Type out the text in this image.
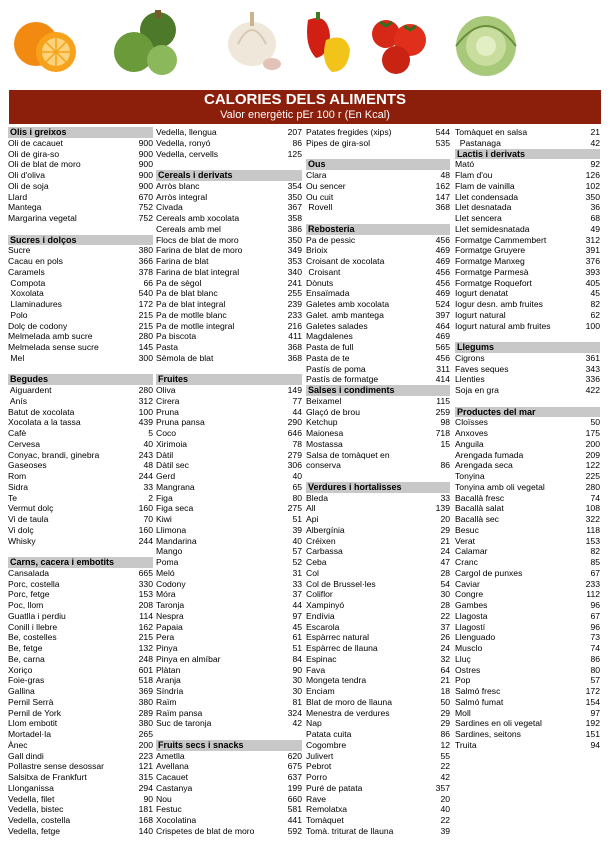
CALORIES DELS ALIMENTS
Valor energètic pEr 100 r (En Kcal)
Olis i greixos
Oli de cacauet	900
Oli de gira-so	900
Oli de blat de moro	900
Oli d'oliva	900
Oli de soja	900
Llard	670
Mantega	752
Margarina vegetal	752
Sucres i dolços
Sucre	380
Cacau en pols	366
Caramels	378
Compota	66
Xoxolata	540
Llaminadures	172
Polo	215
Dolç de codony	215
Melmelada amb sucre	280
Melmelada sense sucre	145
Mel	300
Begudes
Aiguardent	280
Anís	312
Batut de xocolata	100
Xocolata a la tassa	439
Cafè	5
Cervesa	40
Conyac, brandi, ginebra	243
Gaseoses	48
Rom	244
Sidra	33
Te	2
Vermut dolç	160
Vi de taula	70
Vi dolç	160
Whisky	244
Carns, cacera i embotits
Cansalada	665
Porc, costella	330
Porc, fetge	153
Poc, llom	208
Guatlla i perdiu	114
Conill i llebre	162
Be, costelles	215
Be, fetge	132
Be, carna	248
Xoriço	601
Foie-gras	518
Gallina	369
Pernil Serrà	380
Pernil de York	289
Llom embotit	380
Mortadel·la	265
Ànec	200
Gall dindi	223
Pollastre sense desossar	121
Salsitxa de Frankfurt	315
Llonganissa	294
Vedella, filet	90
Vedella, bistec	181
Vedella, costella	168
Vedella, fetge	140
Vedella, llengua	207
Vedella, ronyó	86
Vedella, cervells	125
Cereals i derivats
Arròs blanc	354
Arròs integral	350
Civada	367
Cereals amb xocolata	358
Cereals amb mel	386
Flocs de blat de moro	350
Farina de blat de moro	349
Farina de blat	353
Farina de blat integral	340
Pa de sègol	241
Pa de blat blanc	255
Pa de blat integral	239
Pa de motlle blanc	233
Pa de motlle integral	216
Pa biscota	411
Pasta	368
Sèmola de blat	368
Fruites
Oliva	149
Cirera	77
Pruna	44
Pruna pansa	290
Coco	646
Xirimoia	78
Dàtil	279
Dàtil sec	306
Gerd	40
Mangrana	65
Figa	80
Figa seca	275
Kiwi	51
Llimona	39
Mandarina	40
Mango	57
Poma	52
Meló	31
Codony	33
Móra	37
Taronja	44
Nespra	97
Papaia	45
Pera	61
Pinya	51
Pinya en almíbar	84
Plàtan	90
Aranja	30
Síndria	30
Raïm	81
Raïm pansa	324
Suc de taronja	42
Fruits secs i snacks
Ametlla	620
Avellana	675
Cacauet	637
Castanya	199
Nou	660
Festuc	581
Xocolatina	441
Crispetes de blat de moro	592
Patates fregides (xips)	544
Pipes de gira-sol	535
Ous
Clara	48
Ou sencer	162
Ou cuit	147
Rovell	368
Rebosteria
Pa de pessic	456
Brioix	469
Croisant de xocolata	469
Croisant	456
Dònuts	456
Ensaïmada	469
Galetes amb xocolata	524
Galet. amb mantega	397
Galetes salades	464
Magdalenes	469
Pasta de full	565
Pasta de te	456
Pastís de poma	311
Pastís de formatge	414
Salses i condiments
Beixamel	115
Glaçó de brou	259
Ketchup	98
Maionesa	718
Mostassa	15
Salsa de tomàquet en
conserva	86
Verdures i hortalisses
Bleda	33
All	139
Api	20
Albergínia	29
Créixen	21
Carbassa	24
Ceba	47
Col	28
Col de Brussel·les	54
Coliflor	30
Xampinyó	28
Endívia	22
Escarola	37
Espàrrec natural	26
Espàrrec de llauna	24
Espinac	32
Fava	64
Mongeta tendra	21
Enciam	18
Blat de moro de llauna	50
Menestra de verdures	29
Nap	29
Patata cuita	86
Cogombre	12
Julivert	55
Pebrot	22
Porro	42
Puré de patata	357
Rave	20
Remolatxa	40
Tomàquet	22
Tomà. triturat de llauna	39
Tomàquet en salsa	21
Pastanaga	42
Lactis i derivats
Mató	92
Flam d'ou	126
Flam de vainilla	102
Llet condensada	350
Llet desnatada	36
Llet sencera	68
Llet semidesnatada	49
Formatge Cammembert	312
Formatge Gruyere	391
Formatge Manxeg	376
Formatge Parmesà	393
Formatge Roquefort	405
Iogurt denatat	45
Iogur desn. amb fruites	82
Iogurt natural	62
Iogurt natural amb fruites	100
Llegums
Cigrons	361
Faves seques	343
Llenties	336
Soja en gra	422
Productes del mar
Cloïsses	50
Anxoves	175
Anguila	200
Arengada fumada	209
Arengada seca	122
Tonyina	225
Tonyina amb oli vegetal	280
Bacallà fresc	74
Bacallà salat	108
Bacallà sec	322
Besuc	118
Verat	153
Calamar	82
Cranc	85
Cargol de punxes	67
Caviar	233
Congre	112
Gambes	96
Llagosta	67
Llagostí	96
Llenguado	73
Musclo	74
Lluç	86
Ostres	80
Pop	57
Salmó fresc	172
Salmó fumat	154
Moll	97
Sardines en oli vegetal	192
Sardines, seitons	151
Truita	94
